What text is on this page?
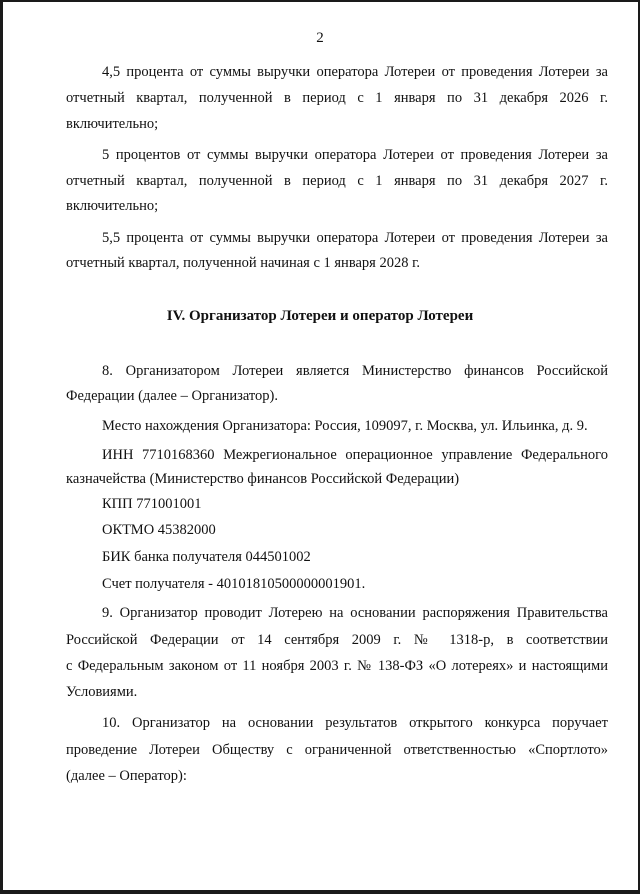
2
4,5 процента от суммы выручки оператора Лотереи от проведения Лотереи за
отчетный квартал, полученной в период с 1 января по 31 декабря 2026 г.
включительно;
5 процентов от суммы выручки оператора Лотереи от проведения Лотереи за
отчетный квартал, полученной в период с 1 января по 31 декабря 2027 г.
включительно;
5,5 процента от суммы выручки оператора Лотереи от проведения Лотереи за
отчетный квартал, полученной начиная с 1 января 2028 г.
IV. Организатор Лотереи и оператор Лотереи
8. Организатором Лотереи является Министерство финансов Российской
Федерации (далее – Организатор).
Место нахождения Организатора: Россия, 109097, г. Москва, ул. Ильинка, д. 9.
ИНН 7710168360 Межрегиональное операционное управление Федерального
казначейства (Министерство финансов Российской Федерации)
КПП 771001001
ОКТМО 45382000
БИК банка получателя 044501002
Счет получателя - 40101810500000001901.
9. Организатор проводит Лотерею на основании распоряжения Правительства
Российской Федерации от 14 сентября 2009 г. № 1318-р, в соответствии
с Федеральным законом от 11 ноября 2003 г. № 138-ФЗ «О лотереях» и настоящими
Условиями.
10. Организатор на основании результатов открытого конкурса поручает
проведение Лотереи Обществу с ограниченной ответственностью «Спортлото»
(далее – Оператор):
